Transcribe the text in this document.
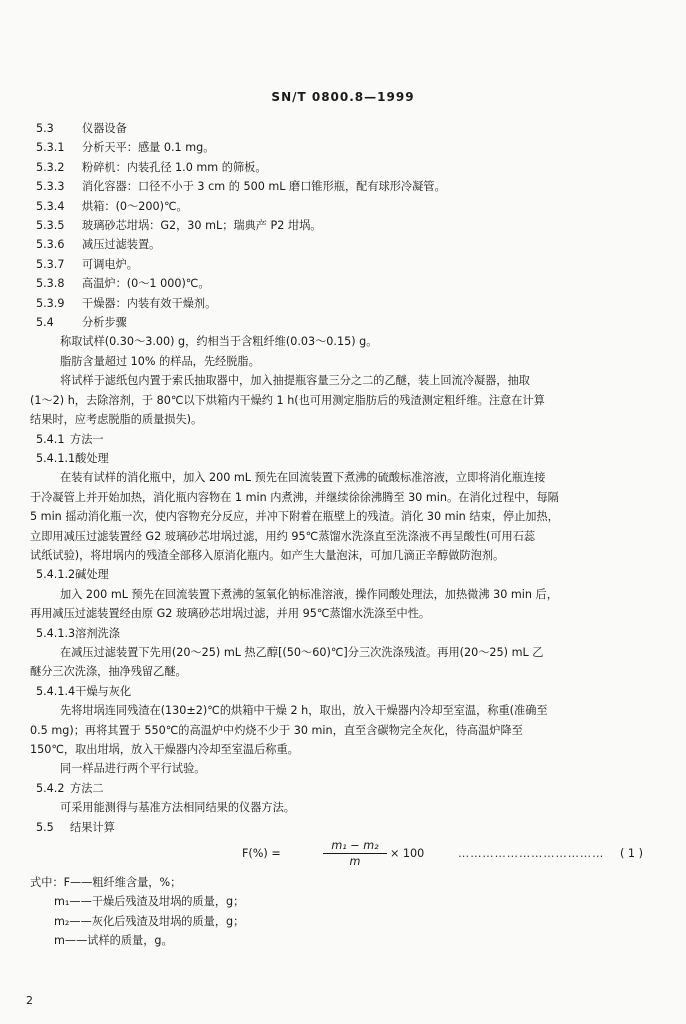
SN/T 0800.8—1999
5.3	仪器设备
5.3.1 分析天平：感量 0.1 mg。
5.3.2 粉碎机：内装孔径 1.0 mm 的筛板。
5.3.3 消化容器：口径不小于 3 cm 的 500 mL 磨口锥形瓶，配有球形冷凝管。
5.3.4 烘箱：(0～200)℃。
5.3.5 玻璃砂芯坩埚：G2，30 mL；瑞典产 P2 坩埚。
5.3.6 减压过滤装置。
5.3.7 可调电炉。
5.3.8 高温炉：(0～1 000)℃。
5.3.9 干燥器：内装有效干燥剂。
5.4	分析步骤
称取试样(0.30～3.00) g，约相当于含粗纤维(0.03～0.15) g。
脂肪含量超过 10% 的样品，先经脱脂。
将试样于滤纸包内置于索氏抽取器中，加入抽提瓶容量三分之二的乙醚，装上回流冷凝器，抽取
(1～2) h，去除溶剂，于 80℃以下烘箱内干燥约 1 h(也可用测定脂肪后的残渣测定粗纤维。注意在计算
结果时，应考虑脱脂的质量损失)。
5.4.1 方法一
5.4.1.1酸处理
在装有试样的消化瓶中，加入 200 mL 预先在回流装置下煮沸的硫酸标准溶液，立即将消化瓶连接
于冷凝管上并开始加热，消化瓶内容物在 1 min 内煮沸，并继续徐徐沸腾至 30 min。在消化过程中，每隔
5 min 摇动消化瓶一次，使内容物充分反应，并冲下附着在瓶壁上的残渣。消化 30 min 结束，停止加热，
立即用减压过滤装置经 G2 玻璃砂芯坩埚过滤，用约 95℃蒸馏水洗涤直至洗涤液不再呈酸性(可用石蕊
试纸试验)，将坩埚内的残渣全部移入原消化瓶内。如产生大量泡沫，可加几滴正辛醇做防泡剂。
5.4.1.2碱处理
加入 200 mL 预先在回流装置下煮沸的氢氧化钠标准溶液，操作同酸处理法，加热微沸 30 min 后，
再用减压过滤装置经由原 G2 玻璃砂芯坩埚过滤，并用 95℃蒸馏水洗涤至中性。
5.4.1.3溶剂洗涤
在减压过滤装置下先用(20～25) mL 热乙醇[(50～60)℃]分三次洗涤残渣。再用(20～25) mL 乙
醚分三次洗涤，抽净残留乙醚。
5.4.1.4干燥与灰化
先将坩埚连同残渣在(130±2)℃的烘箱中干燥 2 h，取出，放入干燥器内冷却至室温，称重(准确至
0.5 mg)；再将其置于 550℃的高温炉中灼烧不少于 30 min，直至含碳物完全灰化，待高温炉降至
150℃，取出坩埚，放入干燥器内冷却至室温后称重。
同一样品进行两个平行试验。
5.4.2 方法二
可采用能测得与基准方法相同结果的仪器方法。
5.5 结果计算
F(%) =	$\frac{\text{m₁ − m₂}}{m} \times 100$	……………………………… ( 1 )
式中：F——粗纤维含量，%；
m₁——干燥后残渣及坩埚的质量，g；
m₂——灰化后残渣及坩埚的质量，g；
m——试样的质量，g。
2
